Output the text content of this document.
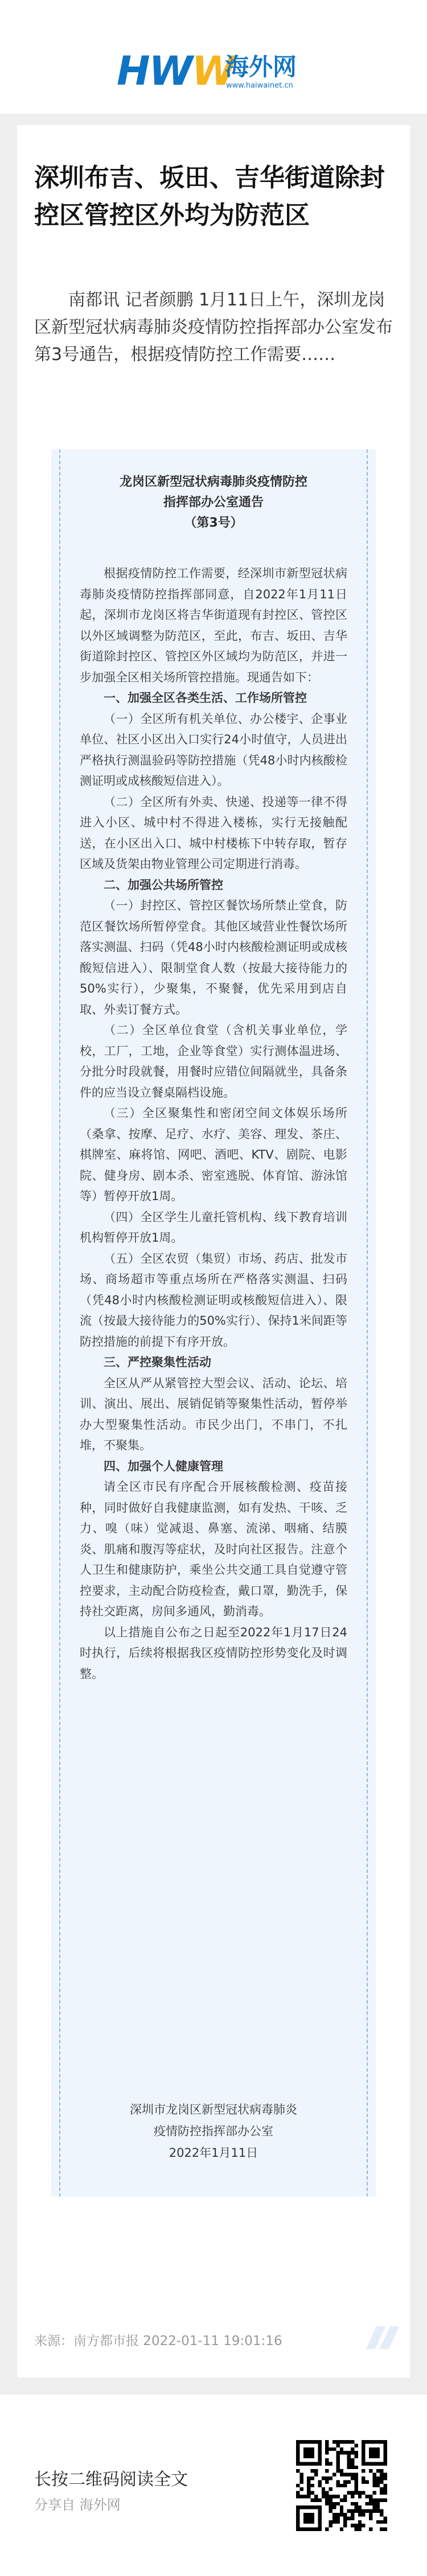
HWW
海外网
www.haiwainet.cn
深圳布吉、坂田、吉华街道除封控区管控区外均为防范区

南都讯 记者颜鹏 1月11日上午，深圳龙岗区新型冠状病毒肺炎疫情防控指挥部办公室发布第3号通告，根据疫情防控工作需要……

龙岗区新型冠状病毒肺炎疫情防控
指挥部办公室通告
（第3号）

根据疫情防控工作需要，经深圳市新型冠状病毒肺炎疫情防控指挥部同意，自2022年1月11日起，深圳市龙岗区将吉华街道现有封控区、管控区以外区域调整为防范区，至此，布吉、坂田、吉华街道除封控区、管控区外区域均为防范区，并进一步加强全区相关场所管控措施。现通告如下：

一、加强全区各类生活、工作场所管控

（一）全区所有机关单位、办公楼宇、企事业单位、社区小区出入口实行24小时值守，人员进出严格执行测温验码等防控措施（凭48小时内核酸检测证明或成核酸短信进入）。

（二）全区所有外卖、快递、投递等一律不得进入小区、城中村不得进入楼栋，实行无接触配送，在小区出入口、城中村楼栋下中转存取，暂存区域及货架由物业管理公司定期进行消毒。

二、加强公共场所管控

（一）封控区、管控区餐饮场所禁止堂食，防范区餐饮场所暂停堂食。其他区域营业性餐饮场所落实测温、扫码（凭48小时内核酸检测证明或成核酸短信进入）、限制堂食人数（按最大接待能力的50%实行），少聚集，不聚餐，优先采用到店自取、外卖订餐方式。

（二）全区单位食堂（含机关事业单位，学校，工厂，工地，企业等食堂）实行测体温进场、分批分时段就餐，用餐时应错位间隔就坐，具备条件的应当设立餐桌隔档设施。

（三）全区聚集性和密闭空间文体娱乐场所（桑拿、按摩、足疗、水疗、美容、理发、茶庄、棋牌室、麻将馆、网吧、酒吧、KTV、剧院、电影院、健身房、剧本杀、密室逃脱、体育馆、游泳馆等）暂停开放1周。

（四）全区学生儿童托管机构、线下教育培训机构暂停开放1周。

（五）全区农贸（集贸）市场、药店、批发市场、商场超市等重点场所在严格落实测温、扫码（凭48小时内核酸检测证明或核酸短信进入）、限流（按最大接待能力的50%实行）、保持1米间距等防控措施的前提下有序开放。

三、严控聚集性活动

全区从严从紧管控大型会议、活动、论坛、培训、演出、展出、展销促销等聚集性活动，暂停举办大型聚集性活动。市民少出门，不串门，不扎堆，不聚集。

四、加强个人健康管理

请全区市民有序配合开展核酸检测、疫苗接种，同时做好自我健康监测，如有发热、干咳、乏力、嗅（味）觉减退、鼻塞、流涕、咽痛、结膜炎、肌痛和腹泻等症状，及时向社区报告。注意个人卫生和健康防护，乘坐公共交通工具自觉遵守管控要求，主动配合防疫检查，戴口罩，勤洗手，保持社交距离，房间多通风，勤消毒。

以上措施自公布之日起至2022年1月17日24时执行，后续将根据我区疫情防控形势变化及时调整。

深圳市龙岗区新型冠状病毒肺炎
疫情防控指挥部办公室
2022年1月11日
来源：南方都市报 2022-01-11 19:01:16
长按二维码阅读全文
分享自 海外网
